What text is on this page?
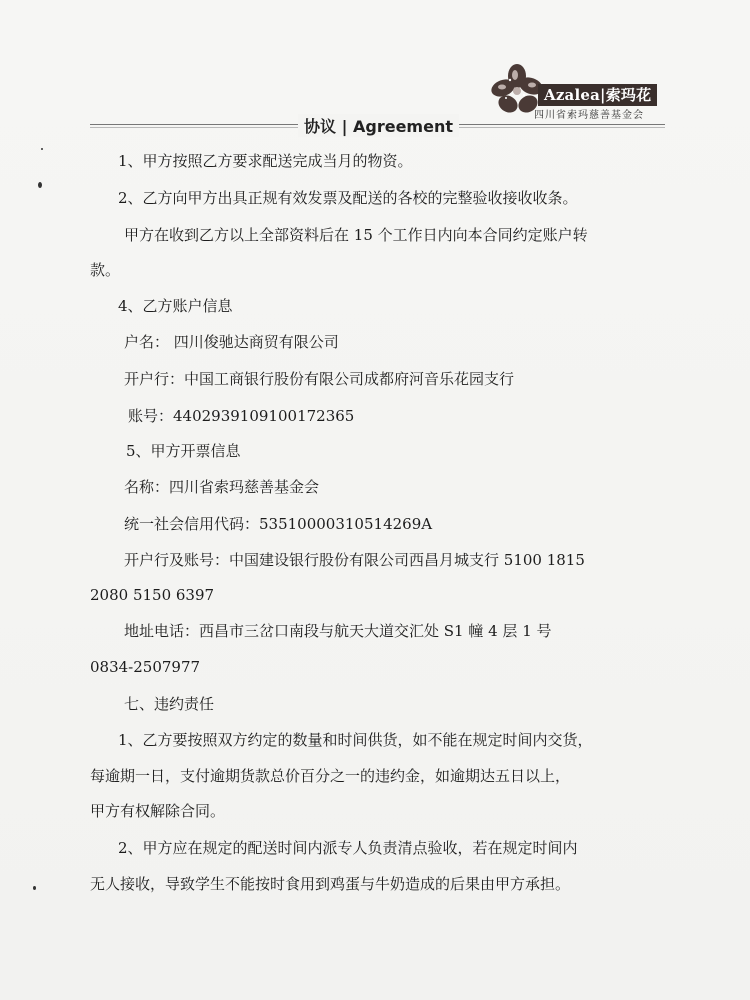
Azalea|索玛花
四川省索玛慈善基金会
协议 | Agreement
1、甲方按照乙方要求配送完成当月的物资。
2、乙方向甲方出具正规有效发票及配送的各校的完整验收接收收条。
甲方在收到乙方以上全部资料后在 15 个工作日内向本合同约定账户转
款。
4、乙方账户信息
户名： 四川俊驰达商贸有限公司
开户行：中国工商银行股份有限公司成都府河音乐花园支行
账号：4402939109100172365
5、甲方开票信息
名称：四川省索玛慈善基金会
统一社会信用代码：53510000310514269A
开户行及账号：中国建设银行股份有限公司西昌月城支行 5100 1815
2080 5150 6397
地址电话：西昌市三岔口南段与航天大道交汇处 S1 幢 4 层 1 号
0834-2507977
七、违约责任
1、乙方要按照双方约定的数量和时间供货，如不能在规定时间内交货，
每逾期一日，支付逾期货款总价百分之一的违约金，如逾期达五日以上，
甲方有权解除合同。
2、甲方应在规定的配送时间内派专人负责清点验收，若在规定时间内
无人接收，导致学生不能按时食用到鸡蛋与牛奶造成的后果由甲方承担。
